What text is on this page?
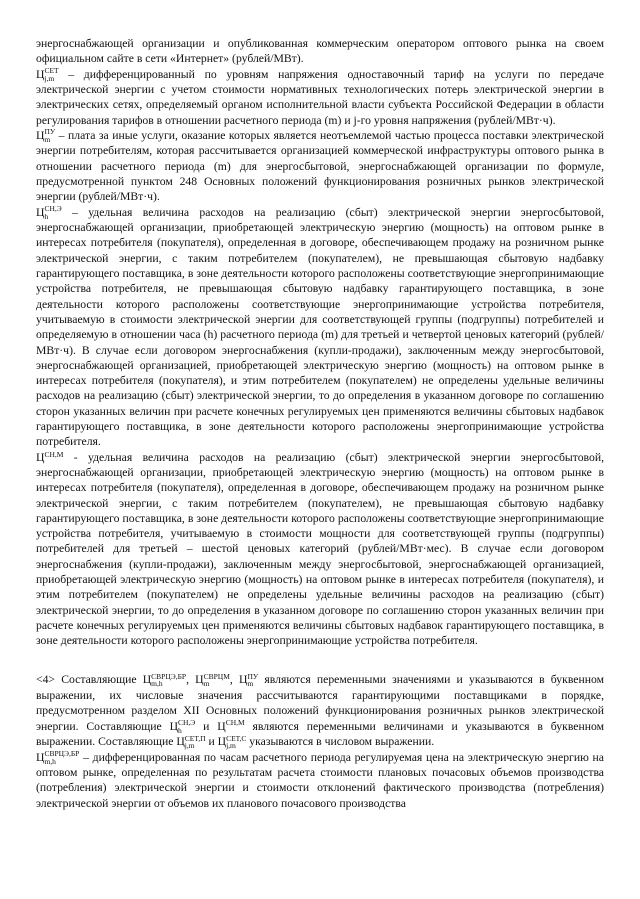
энергоснабжающей организации и опубликованная коммерческим оператором оптового рынка на своем официальном сайте в сети «Интернет» (рублей/МВт).

Ц СЕТ
j,m – дифференцированный по уровням напряжения одноставочный тариф на услуги по передаче электрической энергии с учетом стоимости нормативных технологических потерь электрической энергии в электрических сетях, определяемый органом исполнительной власти субъекта Российской Федерации в области регулирования тарифов в отношении расчетного периода (m) и j-го уровня напряжения (рублей/МВт·ч).

Ц ПУ
m – плата за иные услуги, оказание которых является неотъемлемой частью процесса поставки электрической энергии потребителям, которая рассчитывается организацией коммерческой инфраструктуры оптового рынка в отношении расчетного периода (m) для энергосбытовой, энергоснабжающей организации по формуле, предусмотренной пунктом 248 Основных положений функционирования розничных рынков электрической энергии (рублей/МВт·ч).

Ц СН,Э
h	– удельная величина расходов на реализацию (сбыт) электрической энергии энергосбытовой, энергоснабжающей организации, приобретающей электрическую энергию (мощность) на оптовом рынке в интересах потребителя (покупателя), определенная в договоре, обеспечивающем продажу на розничном рынке электрической энергии, с таким потребителем (покупателем), не превышающая сбытовую надбавку гарантирующего поставщика, в зоне деятельности которого расположены соответствующие энергопринимающие устройства потребителя, не превышающая сбытовую надбавку гарантирующего поставщика, в зоне деятельности которого расположены соответствующие энергопринимающие устройства потребителя, учитываемую в стоимости электрической энергии для соответствующей группы (подгруппы) потребителей и определяемую в отношении часа (h) расчетного периода (m) для третьей и четвертой ценовых категорий (рублей/МВт·ч). В случае если договором энергоснабжения (купли-продажи), заключенным между энергосбытовой, энергоснабжающей организацией, приобретающей электрическую энергию (мощность) на оптовом рынке в интересах потребителя (покупателя), и этим потребителем (покупателем) не определены удельные величины расходов на реализацию (сбыт) электрической энергии, то до определения в указанном договоре по соглашению сторон указанных величин при расчете конечных регулируемых цен применяются величины сбытовых надбавок гарантирующего поставщика, в зоне деятельности которого расположены энергопринимающие устройства потребителя.

$Ц^{СН,М}$ - удельная величина расходов на реализацию (сбыт) электрической энергии энергосбытовой, энергоснабжающей организации, приобретающей электрическую энергию (мощность) на оптовом рынке в интересах потребителя (покупателя), определенная в договоре, обеспечивающем продажу на розничном рынке электрической энергии, с таким потребителем (покупателем), не превышающая сбытовую надбавку гарантирующего поставщика, в зоне деятельности которого расположены соответствующие энергопринимающие устройства потребителя, учитываемую в стоимости мощности для соответствующей группы (подгруппы) потребителей для третьей – шестой ценовых категорий (рублей/МВт·мес). В случае если договором энергоснабжения (купли-продажи), заключенным между энергосбытовой, энергоснабжающей организацией, приобретающей электрическую энергию (мощность) на оптовом рынке в интересах потребителя (покупателя), и этим потребителем (покупателем) не определены удельные величины расходов на реализацию (сбыт) электрической энергии, то до определения в указанном договоре по соглашению сторон указанных величин при расчете конечных регулируемых цен применяются величины сбытовых надбавок гарантирующего поставщика, в зоне деятельности которого расположены энергопринимающие устройства потребителя.

<4> Составляющие Ц СВРЦЭ,БР
m,h	, Ц СВРЦМ
m	, Ц ПУ
m являются переменными значениями и указываются в буквенном выражении, их числовые значения рассчитываются гарантирующими поставщиками в порядке, предусмотренном разделом XII Основных положений функционирования розничных рынков электрической энергии. Составляющие Ц СН,Э
h	и $Ц^{СН,М}$ являются переменными величинами и указываются в буквенном выражении. Составляющие Ц СЕТ,П
j,m и Ц СЕТ,С
j,m указываются в числовом выражении.

Ц СВРЦЭ,БР
m,h	– дифференцированная по часам расчетного периода регулируемая цена на электрическую энергию на оптовом рынке, определенная по результатам расчета стоимости плановых почасовых объемов производства (потребления) электрической энергии и стоимости отклонений фактического производства (потребления) электрической энергии от объемов их планового почасового производства
